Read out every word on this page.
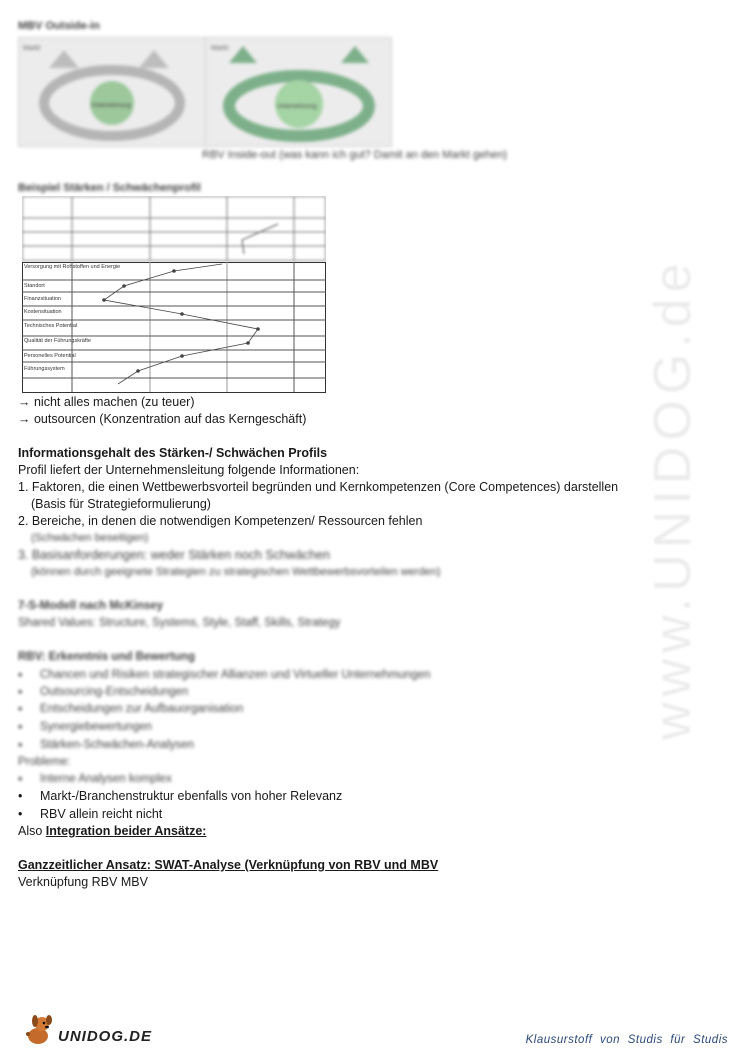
www.UNIDOG.de
MBV Outside-in
Markt
Unternehmung
Markt
Unternehmung
RBV Inside-out (was kann ich gut? Damit an den Markt gehen)
Beispiel Stärken / Schwächenprofil
Versorgung mit Rohstoffen und Energie
Standort
Finanzsituation
Kostensituation
Technisches Potential
Qualität der Führungskräfte
Personelles Potential
Führungssystem
→ nicht alles machen (zu teuer)
→ outsourcen (Konzentration auf das Kerngeschäft)
Informationsgehalt des Stärken-/ Schwächen Profils
Profil liefert der Unternehmensleitung folgende Informationen:
1. Faktoren, die einen Wettbewerbsvorteil begründen und Kernkompetenzen (Core Competences) darstellen
(Basis für Strategieformulierung)
2. Bereiche, in denen die notwendigen Kompetenzen/ Ressourcen fehlen
(Schwächen beseitigen)
3. Basisanforderungen: weder Stärken noch Schwächen
(können durch geeignete Strategien zu strategischen Wettbewerbsvorteilen werden)
7-S-Modell nach McKinsey
Shared Values: Structure, Systems, Style, Staff, Skills, Strategy
RBV: Erkenntnis und Bewertung
• Chancen und Risiken strategischer Allianzen und Virtueller Unternehmungen
• Outsourcing-Entscheidungen
• Entscheidungen zur Aufbauorganisation
• Synergiebewertungen
• Stärken-Schwächen-Analysen
Probleme:
• Interne Analysen komplex
• Markt-/Branchenstruktur ebenfalls von hoher Relevanz
• RBV allein reicht nicht
Also Integration beider Ansätze:
Ganzzeitlicher Ansatz: SWAT-Analyse (Verknüpfung von RBV und MBV
Verknüpfung RBV MBV
UNIDOG.DE	Klausurstoff von Studis für Studis
